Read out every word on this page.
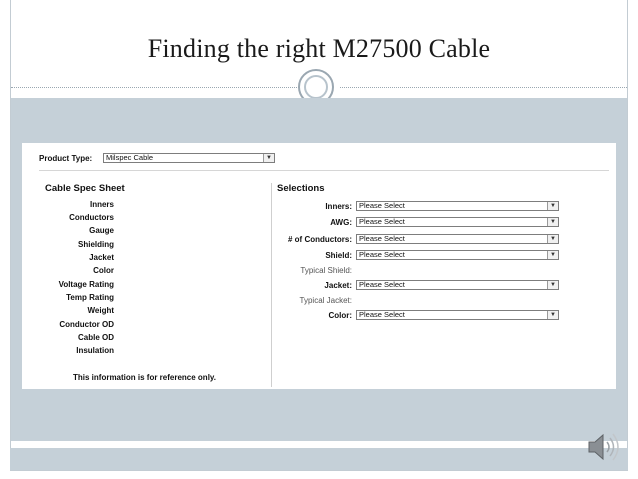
Finding the right M27500 Cable
Product Type:	Milspec Cable	▼
Cable Spec Sheet	Selections
Inners
Conductors
Gauge
Shielding
Jacket
Color
Voltage Rating
Temp Rating
Weight
Conductor OD
Cable OD
Insulation
This information is for reference only.
Inners: Please Select	▼
AWG: Please Select	▼
# of Conductors: Please Select	▼
Shield: Please Select	▼
Typical Shield:
Jacket: Please Select	▼
Typical Jacket:
Color: Please Select	▼
